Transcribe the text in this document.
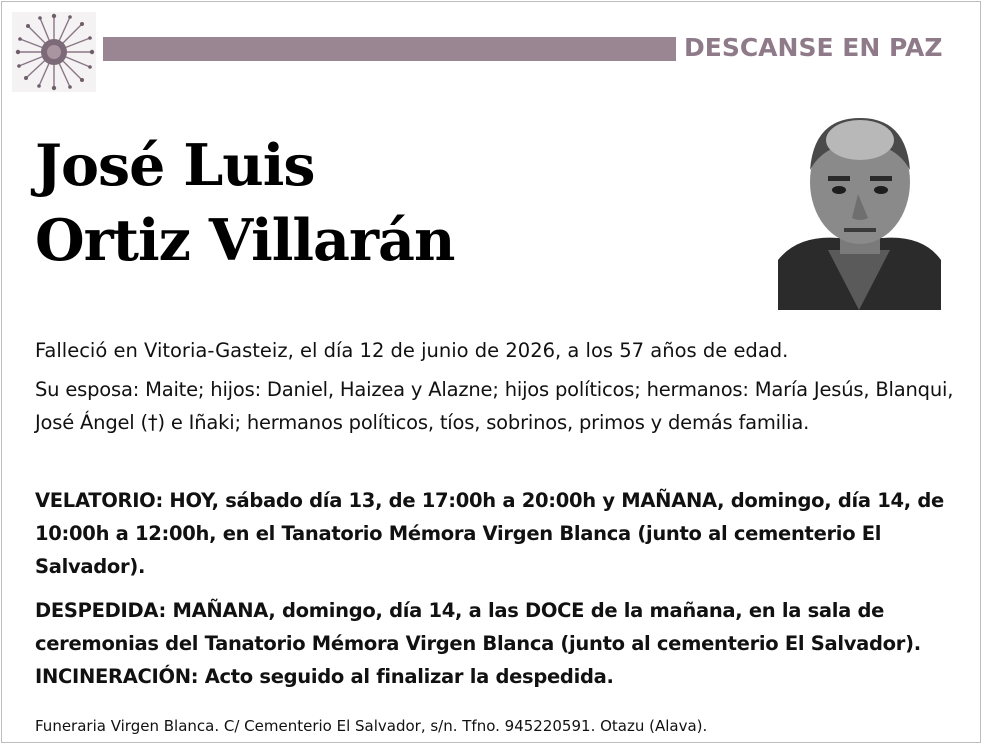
DESCANSE EN PAZ
José Luis
Ortiz Villarán
Falleció en Vitoria-Gasteiz, el día 12 de junio de 2026, a los 57 años de edad.
Su esposa: Maite; hijos: Daniel, Haizea y Alazne; hijos políticos; hermanos: María Jesús, Blanqui, José Ángel (†) e Iñaki; hermanos políticos, tíos, sobrinos, primos y demás familia.
VELATORIO: HOY, sábado día 13, de 17:00h a 20:00h y MAÑANA, domingo, día 14, de 10:00h a 12:00h, en el Tanatorio Mémora Virgen Blanca (junto al cementerio El Salvador).
DESPEDIDA: MAÑANA, domingo, día 14, a las DOCE de la mañana, en la sala de ceremonias del Tanatorio Mémora Virgen Blanca (junto al cementerio El Salvador). INCINERACIÓN: Acto seguido al finalizar la despedida.
Funeraria Virgen Blanca. C/ Cementerio El Salvador, s/n. Tfno. 945220591. Otazu (Alava).
